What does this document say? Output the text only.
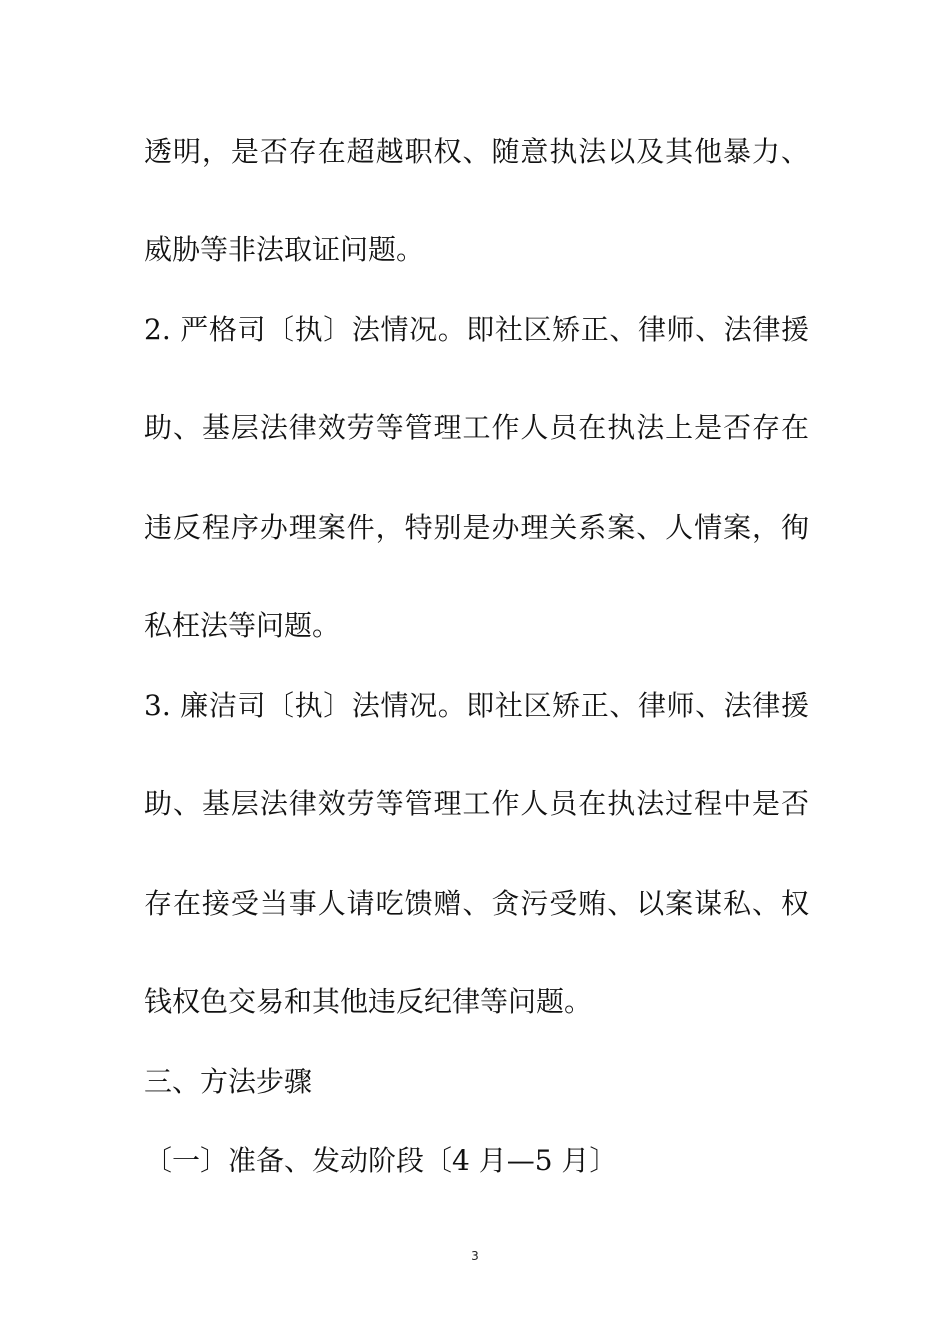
透明，是否存在超越职权、随意执法以及其他暴力、
威胁等非法取证问题。
2. 严格司〔执〕法情况。即社区矫正、律师、法律援
助、基层法律效劳等管理工作人员在执法上是否存在
违反程序办理案件，特别是办理关系案、人情案，徇
私枉法等问题。
3. 廉洁司〔执〕法情况。即社区矫正、律师、法律援
助、基层法律效劳等管理工作人员在执法过程中是否
存在接受当事人请吃馈赠、贪污受贿、以案谋私、权
钱权色交易和其他违反纪律等问题。
三、方法步骤
〔一〕准备、发动阶段〔4 月—5 月〕
3
